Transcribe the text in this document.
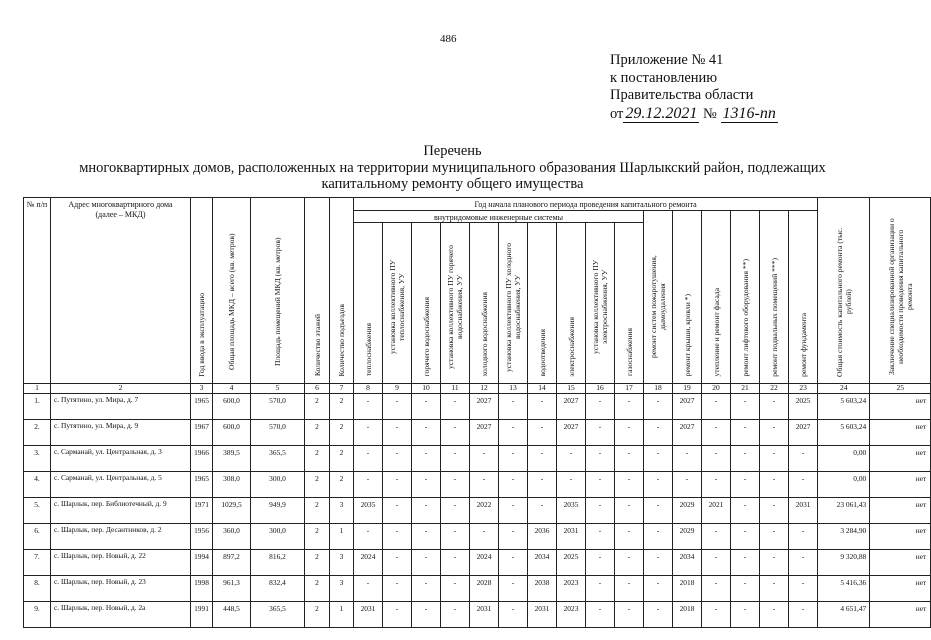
486
Приложение № 41
к постановлению
Правительства области
от 29.12.2021 № 1316-пп
Перечень
многоквартирных домов, расположенных на территории муниципального образования Шарлыкский район, подлежащих
капитальному ремонту общего имущества
№ п/п	Адрес многоквартирного дома (далее – МКД)	Год ввода в эксплуатацию	Общая площадь МКД – всего (кв. метров)	Площадь помещений МКД (кв. метров)	Количество этажей	Количество подъездов	Год начала планового периода проведения капитального ремонта																Общая стоимость капитального ремонта (тыс. рублей)	Заключение специализированной организации о необходимости проведения капитального ремонта
							внутридомовые инженерные системы										ремонт систем пожаротушения, дымоудаления	ремонт крыши, кровли *)	утепление и ремонт фасада	ремонт лифтового оборудования **)	ремонт подвальных помещений ***)	ремонт фундамента		
							теплоснабжения	установка коллективного ПУ теплоснабжения, УУ	горячего водоснабжения	установка коллективного ПУ горячего водоснабжения, УУ	холодного водоснабжения	установка коллективного ПУ холодного водоснабжения, УУ	водоотведения	электроснабжения	установка коллективного ПУ электроснабжения, УУ	газоснабжения								
1	2	3	4	5	6	7	8	9	10	11	12	13	14	15	16	17	18	19	20	21	22	23	24	25
1.	с. Путятино, ул. Мира, д. 7	1965	600,0	570,0	2	2	-	-	-	-	2027	-	-	2027	-	-	-	2027	-	-	-	2025	5 603,24	нет
2.	с. Путятино, ул. Мира, д. 9	1967	600,0	570,0	2	2	-	-	-	-	2027	-	-	2027	-	-	-	2027	-	-	-	2027	5 603,24	нет
3.	с. Сарманай, ул. Центральная, д. 3	1966	389,5	365,5	2	2	-	-	-	-	-	-	-	-	-	-	-	-	-	-	-	-	0,00	нет
4.	с. Сарманай, ул. Центральная, д. 5	1965	308,0	300,0	2	2	-	-	-	-	-	-	-	-	-	-	-	-	-	-	-	-	0,00	нет
5.	с. Шарлык, пер. Библиотечный, д. 9	1971	1029,5	949,9	2	3	2035	-	-	-	2022	-	-	2035	-	-	-	2029	2021	-	-	2031	23 061,43	нет
6.	с. Шарлык, пер. Десантников, д. 2	1956	360,0	300,0	2	1	-	-	-	-	-	-	2036	2031	-	-	-	2029	-	-	-	-	3 284,90	нет
7.	с. Шарлык, пер. Новый, д. 22	1994	897,2	816,2	2	3	2024	-	-	-	2024	-	2034	2025	-	-	-	2034	-	-	-	-	9 320,88	нет
8.	с. Шарлык, пер. Новый, д. 23	1998	961,3	832,4	2	3	-	-	-	-	2028	-	2038	2023	-	-	-	2018	-	-	-	-	5 416,36	нет
9.	с. Шарлык, пер. Новый, д. 2а	1991	448,5	365,5	2	1	2031	-	-	-	2031	-	2031	2023	-	-	-	2018	-	-	-	-	4 651,47	нет
